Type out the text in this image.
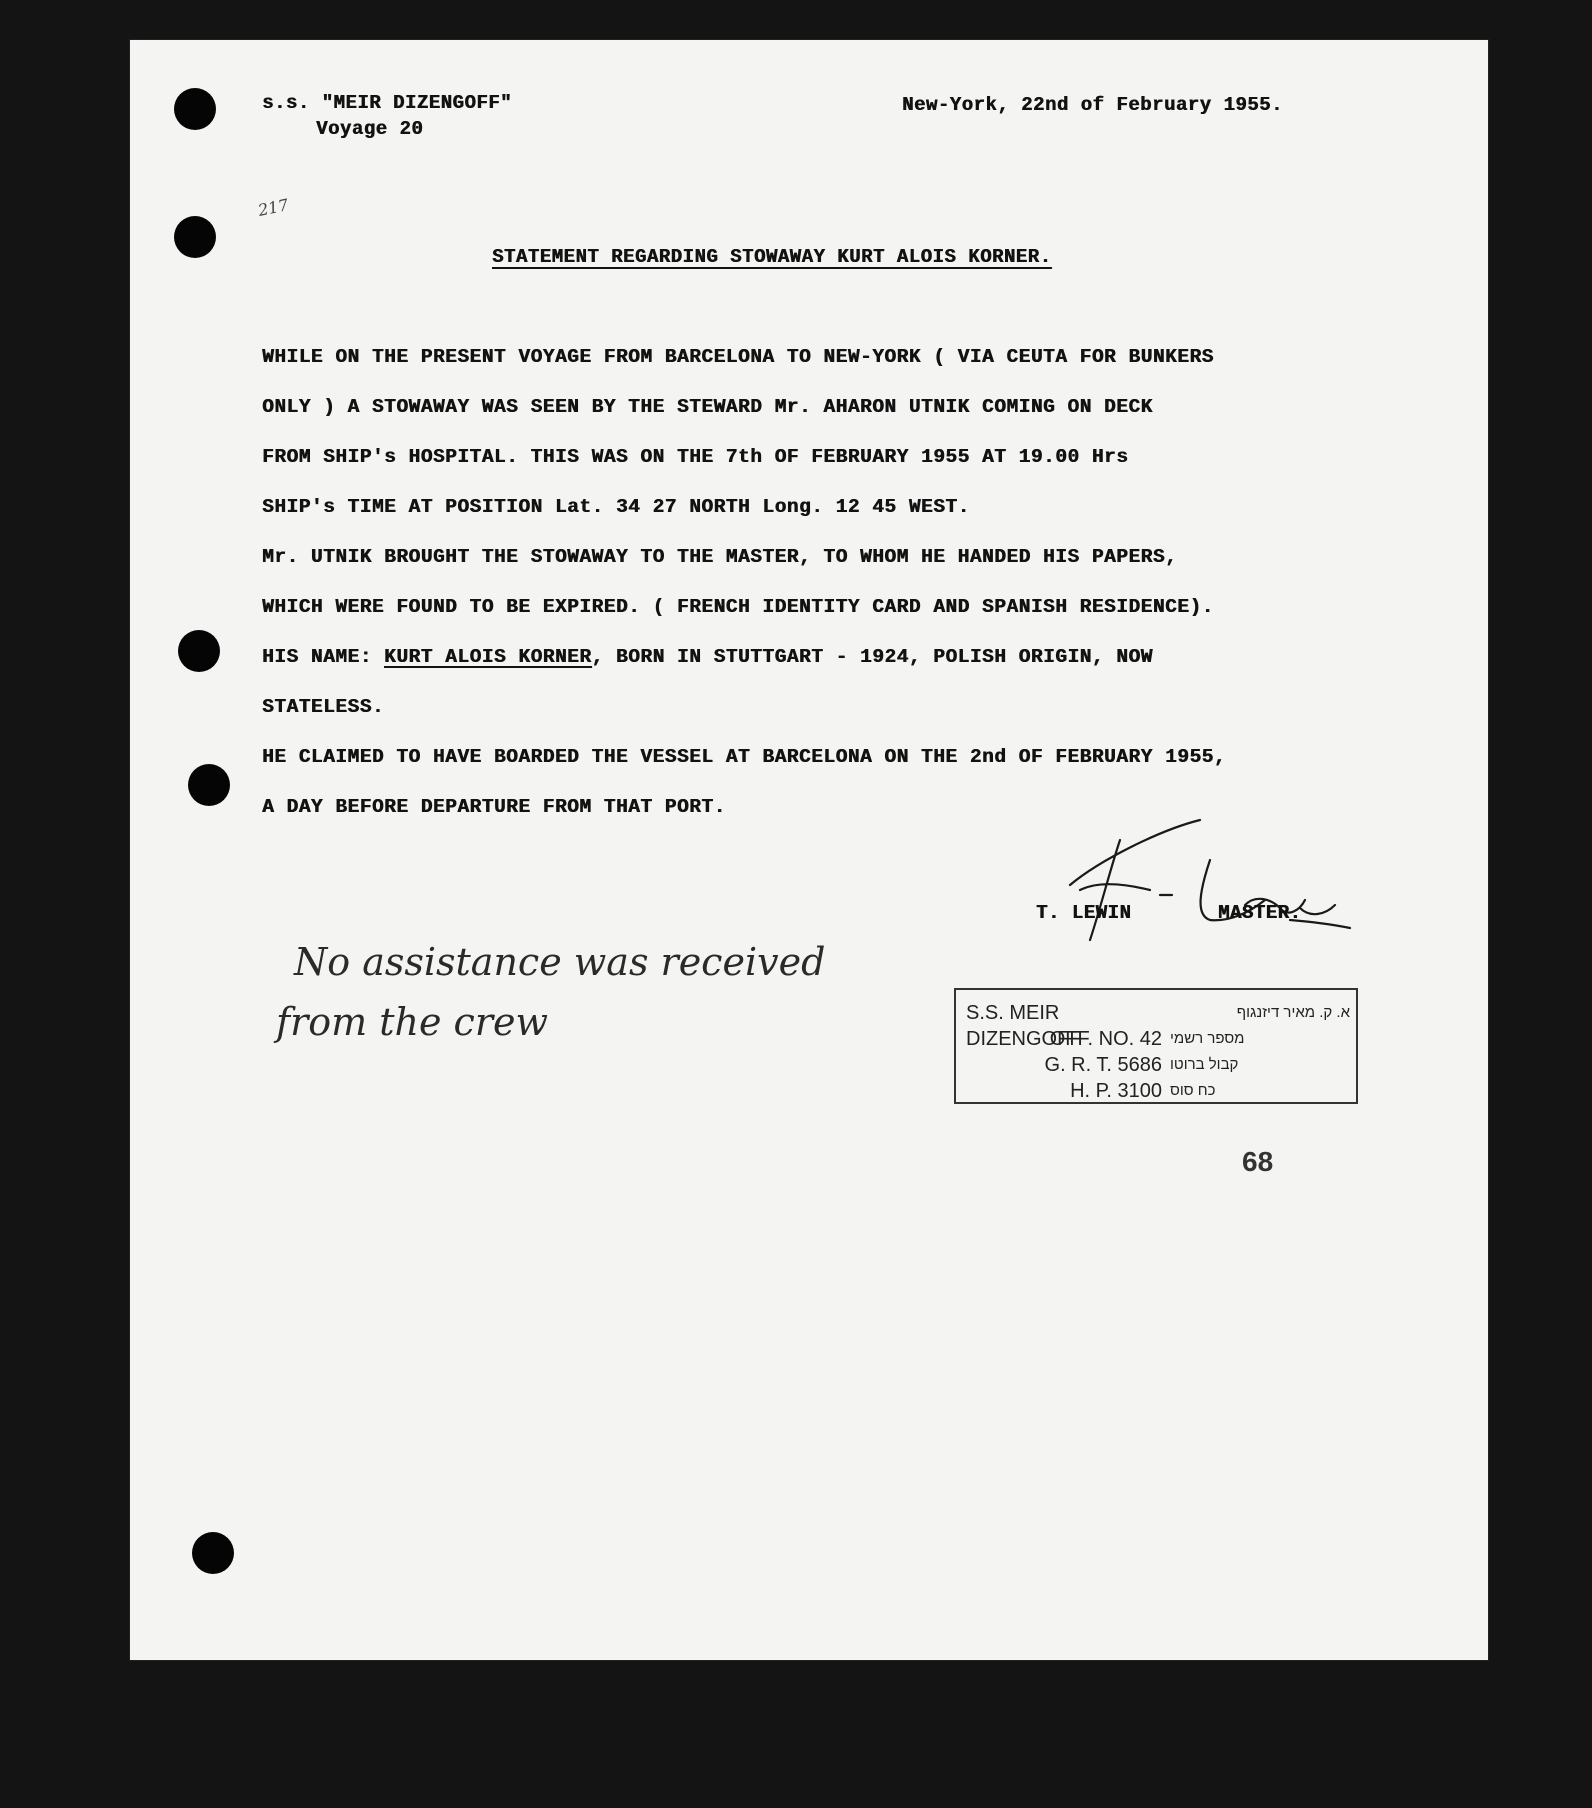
s.s. "MEIR DIZENGOFF"
Voyage 20
New-York, 22nd of February 1955.
217
STATEMENT REGARDING STOWAWAY KURT ALOIS KORNER.
WHILE ON THE PRESENT VOYAGE FROM BARCELONA TO NEW-YORK ( VIA CEUTA FOR BUNKERS
ONLY ) A STOWAWAY WAS SEEN BY THE STEWARD Mr. AHARON UTNIK COMING ON DECK
FROM SHIP's HOSPITAL. THIS WAS ON THE 7th OF FEBRUARY 1955 AT 19.00 Hrs
SHIP's TIME AT POSITION Lat. 34 27 NORTH Long. 12 45 WEST.
Mr. UTNIK BROUGHT THE STOWAWAY TO THE MASTER, TO WHOM HE HANDED HIS PAPERS,
WHICH WERE FOUND TO BE EXPIRED. ( FRENCH IDENTITY CARD AND SPANISH RESIDENCE).
HIS NAME: KURT ALOIS KORNER, BORN IN STUTTGART - 1924, POLISH ORIGIN, NOW
STATELESS.
HE CLAIMED TO HAVE BOARDED THE VESSEL AT BARCELONA ON THE 2nd OF FEBRUARY 1955,
A DAY BEFORE DEPARTURE FROM THAT PORT.
T. LEWIN	MASTER.
No assistance was received
from the crew	S.S. MEIR DIZENGOFF
א. ק. מאיר דיזנגוף
OFF. NO. 42 מספר רשמי
G. R. T. 5686 קבול ברוטו
H. P. 3100 כח סוס
68
